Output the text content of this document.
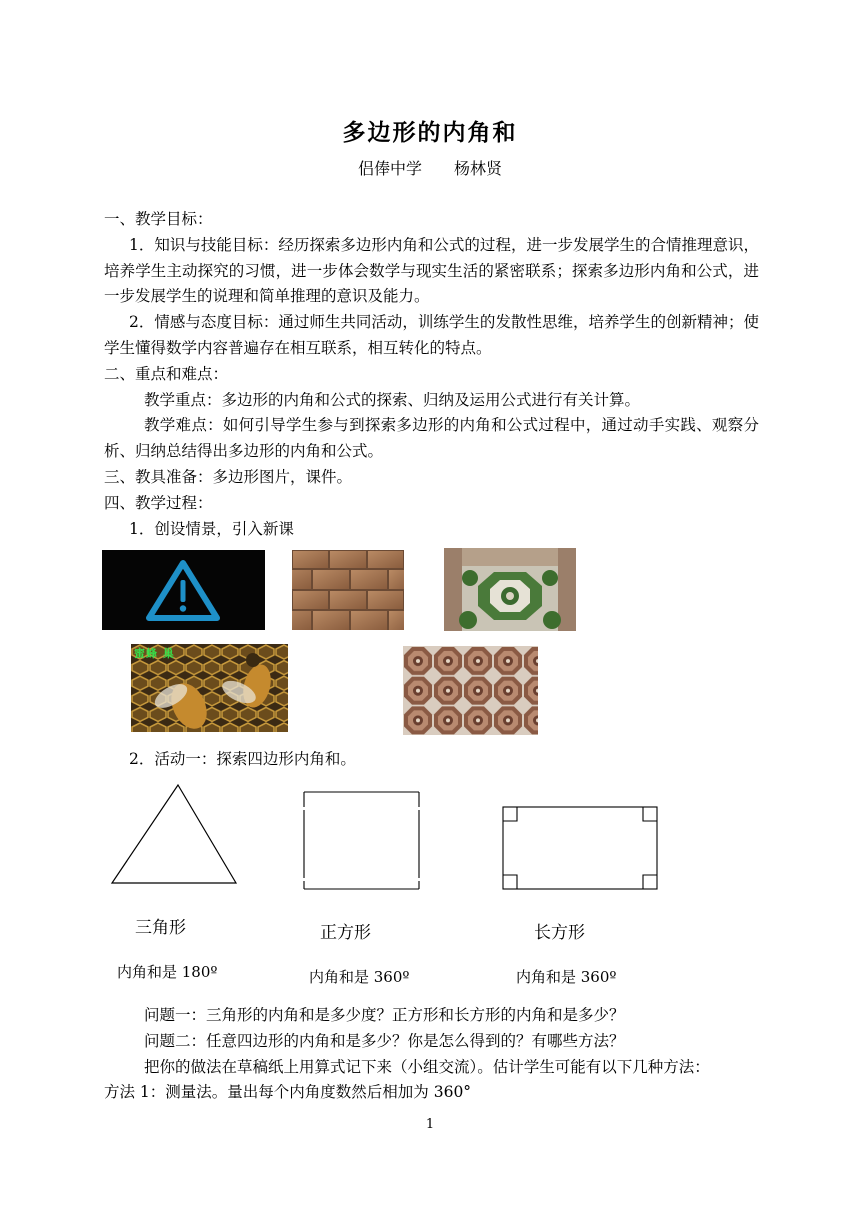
多边形的内角和
侣俸中学 杨林贤

一、教学目标：

1．知识与技能目标：经历探索多边形内角和公式的过程，进一步发展学生的合情推理意识，培养学生主动探究的习惯，进一步体会数学与现实生活的紧密联系；探索多边形内角和公式，进一步发展学生的说理和简单推理的意识及能力。

2．情感与态度目标：通过师生共同活动，训练学生的发散性思维，培养学生的创新精神；使学生懂得数学内容普遍存在相互联系，相互转化的特点。

二、重点和难点：

教学重点：多边形的内角和公式的探索、归纳及运用公式进行有关计算。

教学难点：如何引导学生参与到探索多边形的内角和公式过程中，通过动手实践、观察分析、归纳总结得出多边形的内角和公式。

三、教具准备：多边形图片，课件。

四、教学过程：

1．创设情景，引入新课

蜜蜂 巢

2．活动一：探索四边形内角和。

三角形	正方形	长方形
内角和是 180º	内角和是 360º	内角和是 360º

问题一：三角形的内角和是多少度？正方形和长方形的内角和是多少？

问题二：任意四边形的内角和是多少？你是怎么得到的？有哪些方法？

把你的做法在草稿纸上用算式记下来（小组交流）。估计学生可能有以下几种方法：

方法 1：测量法。量出每个内角度数然后相加为 360°

1
